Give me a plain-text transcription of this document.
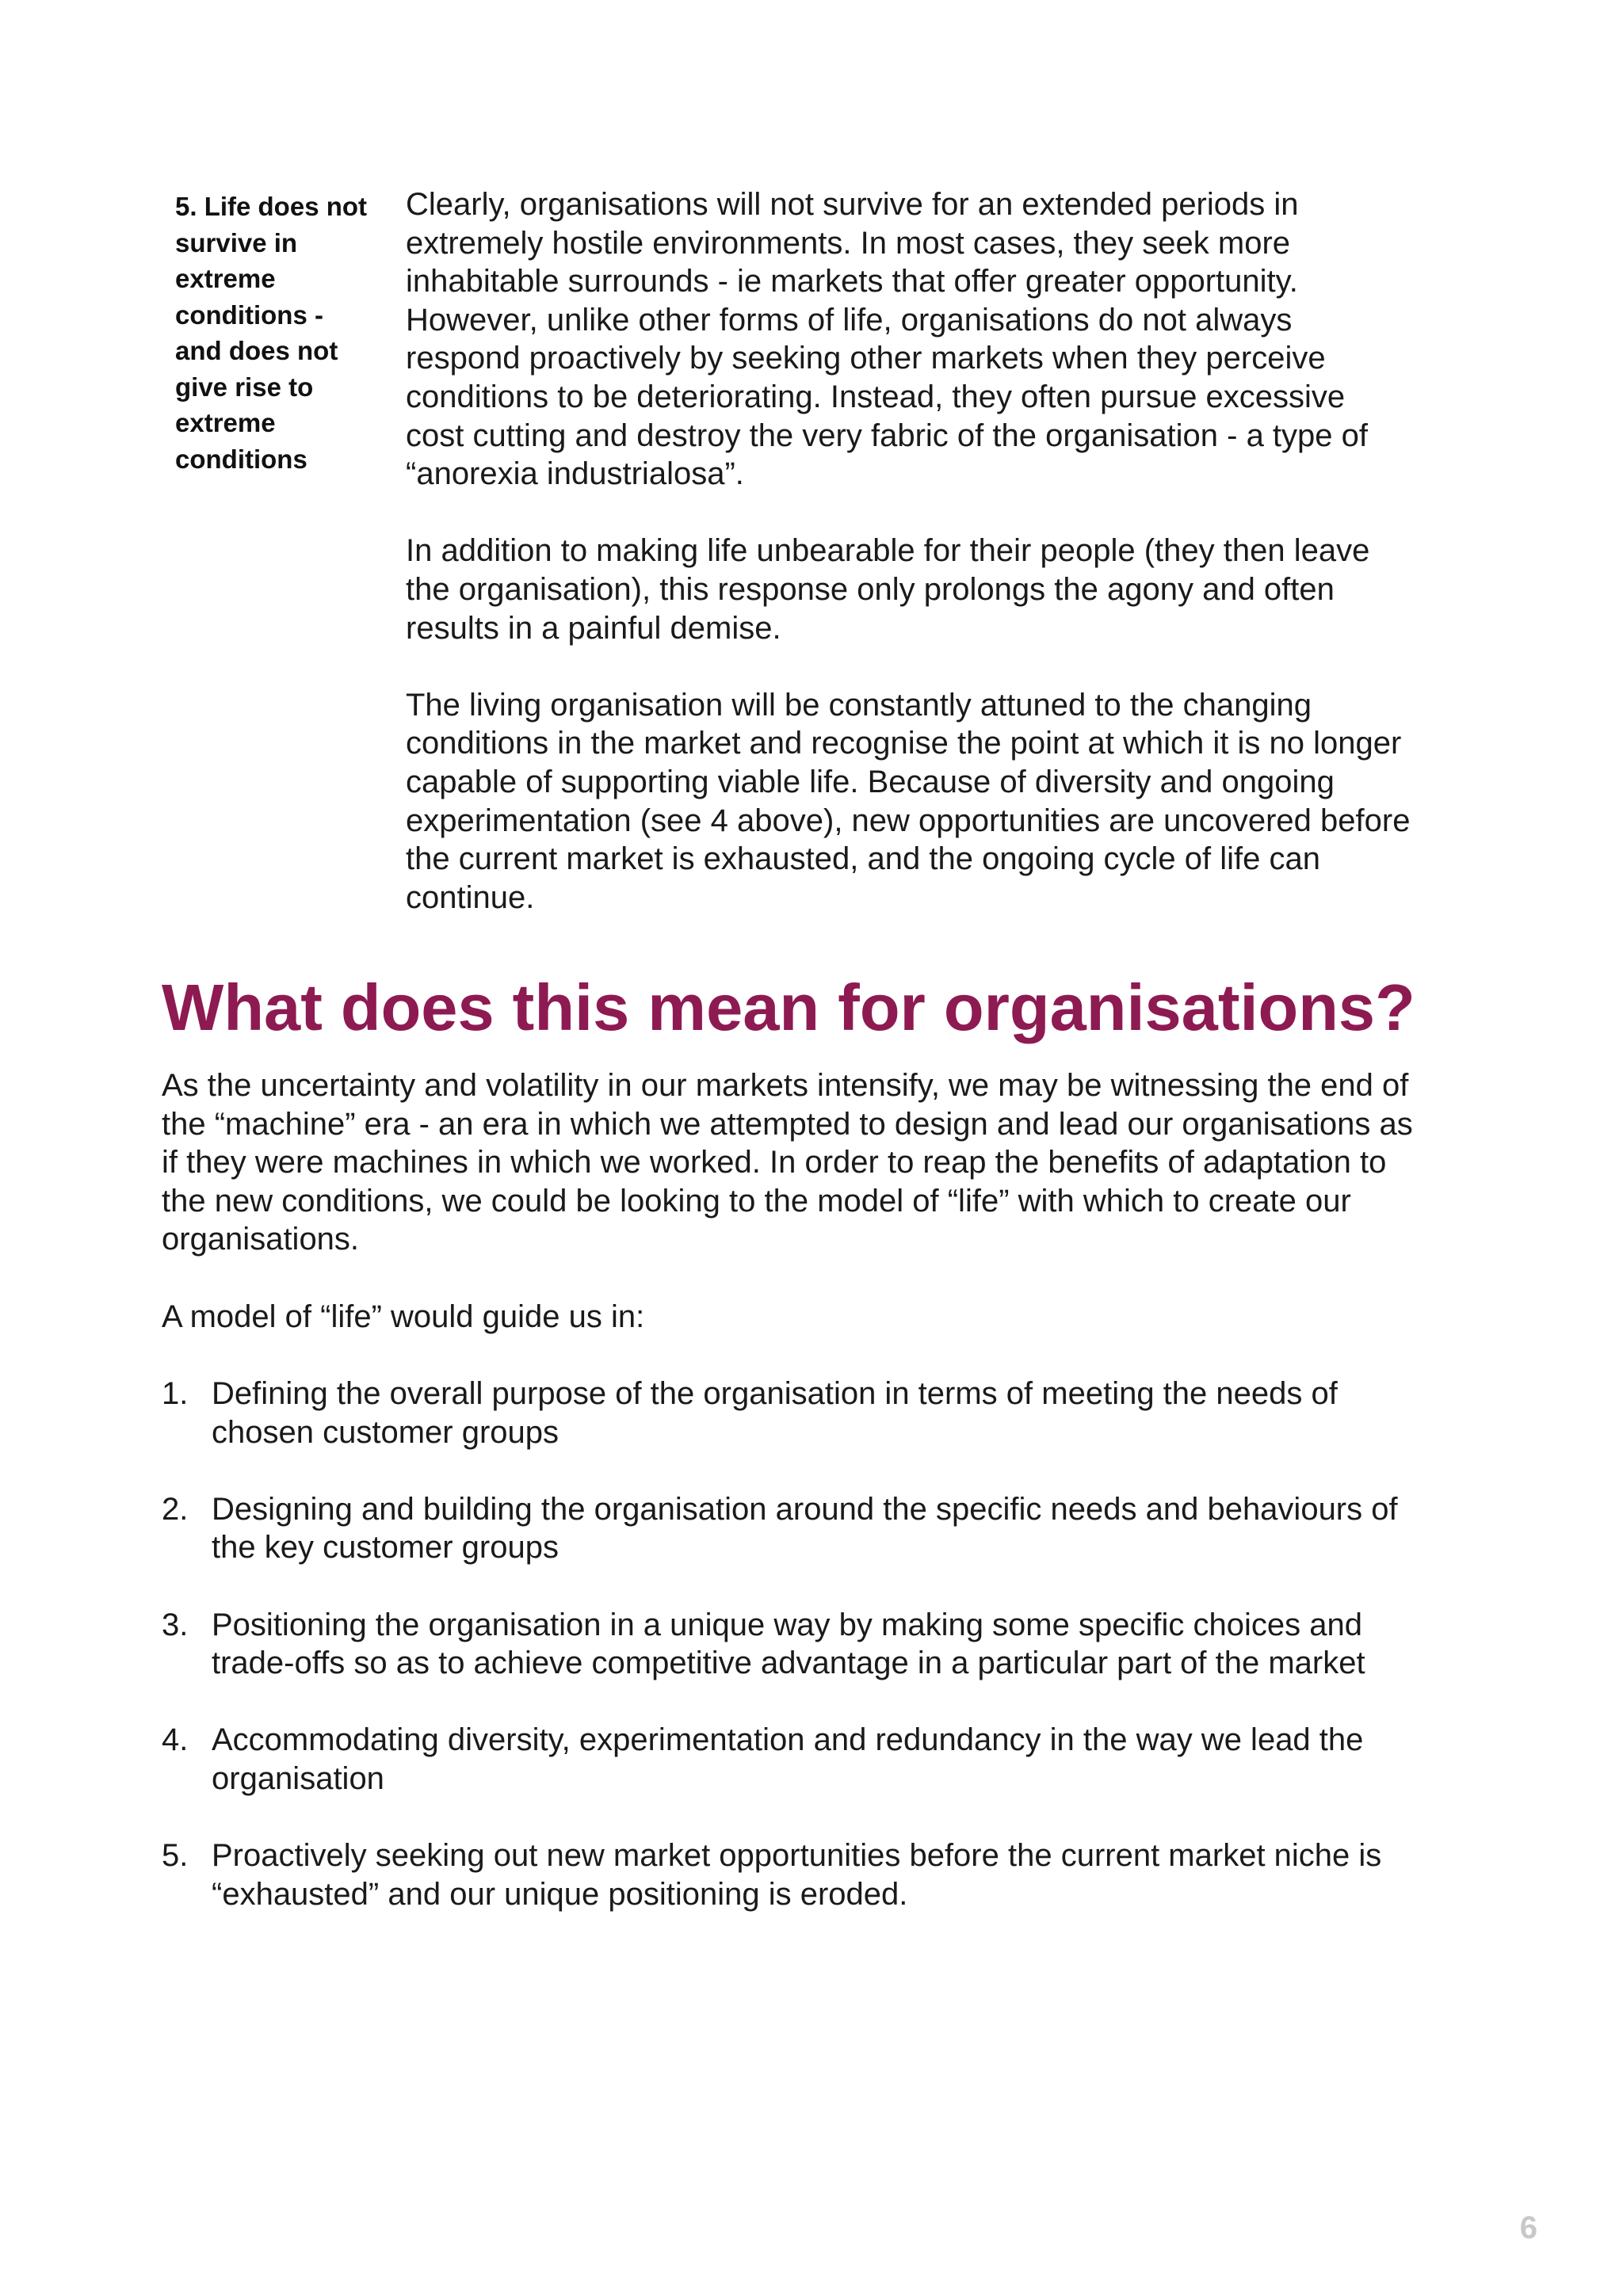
5. Life does not
survive in
extreme
conditions -
and does not
give rise to
extreme
conditions

Clearly, organisations will not survive for an extended periods in
extremely hostile environments. In most cases, they seek more
inhabitable surrounds - ie markets that offer greater opportunity.
However, unlike other forms of life, organisations do not always
respond proactively by seeking other markets when they perceive
conditions to be deteriorating. Instead, they often pursue excessive
cost cutting and destroy the very fabric of the organisation - a type of
“anorexia industrialosa”.

In addition to making life unbearable for their people (they then leave
the organisation), this response only prolongs the agony and often
results in a painful demise.

The living organisation will be constantly attuned to the changing
conditions in the market and recognise the point at which it is no longer
capable of supporting viable life. Because of diversity and ongoing
experimentation (see 4 above), new opportunities are uncovered before
the current market is exhausted, and the ongoing cycle of life can
continue.

What does this mean for organisations?

As the uncertainty and volatility in our markets intensify, we may be witnessing the end of
the “machine” era - an era in which we attempted to design and lead our organisations as
if they were machines in which we worked. In order to reap the benefits of adaptation to
the new conditions, we could be looking to the model of “life” with which to create our
organisations.

A model of “life” would guide us in:

1. Defining the overall purpose of the organisation in terms of meeting the needs of
chosen customer groups
2. Designing and building the organisation around the specific needs and behaviours of
the key customer groups
3. Positioning the organisation in a unique way by making some specific choices and
trade-offs so as to achieve competitive advantage in a particular part of the market
4. Accommodating diversity, experimentation and redundancy in the way we lead the
organisation
5. Proactively seeking out new market opportunities before the current market niche is
“exhausted” and our unique positioning is eroded.
6
